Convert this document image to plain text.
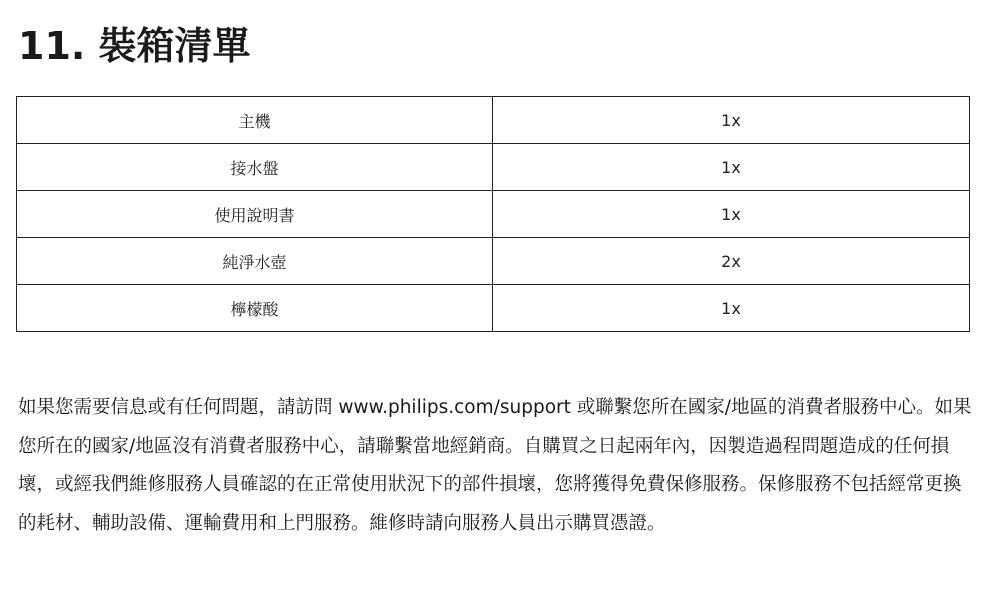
11. 裝箱清單
主機	1x
接水盤	1x
使用說明書	1x
純淨水壺	2x
檸檬酸	1x

如果您需要信息或有任何問題，請訪問 www.philips.com/support 或聯繫您所在國家/地區的消費者服務中心。如果您所在的國家/地區沒有消費者服務中心，請聯繫當地經銷商。自購買之日起兩年內，因製造過程問題造成的任何損壞，或經我們維修服務人員確認的在正常使用狀況下的部件損壞，您將獲得免費保修服務。保修服務不包括經常更換的耗材、輔助設備、運輸費用和上門服務。維修時請向服務人員出示購買憑證。
